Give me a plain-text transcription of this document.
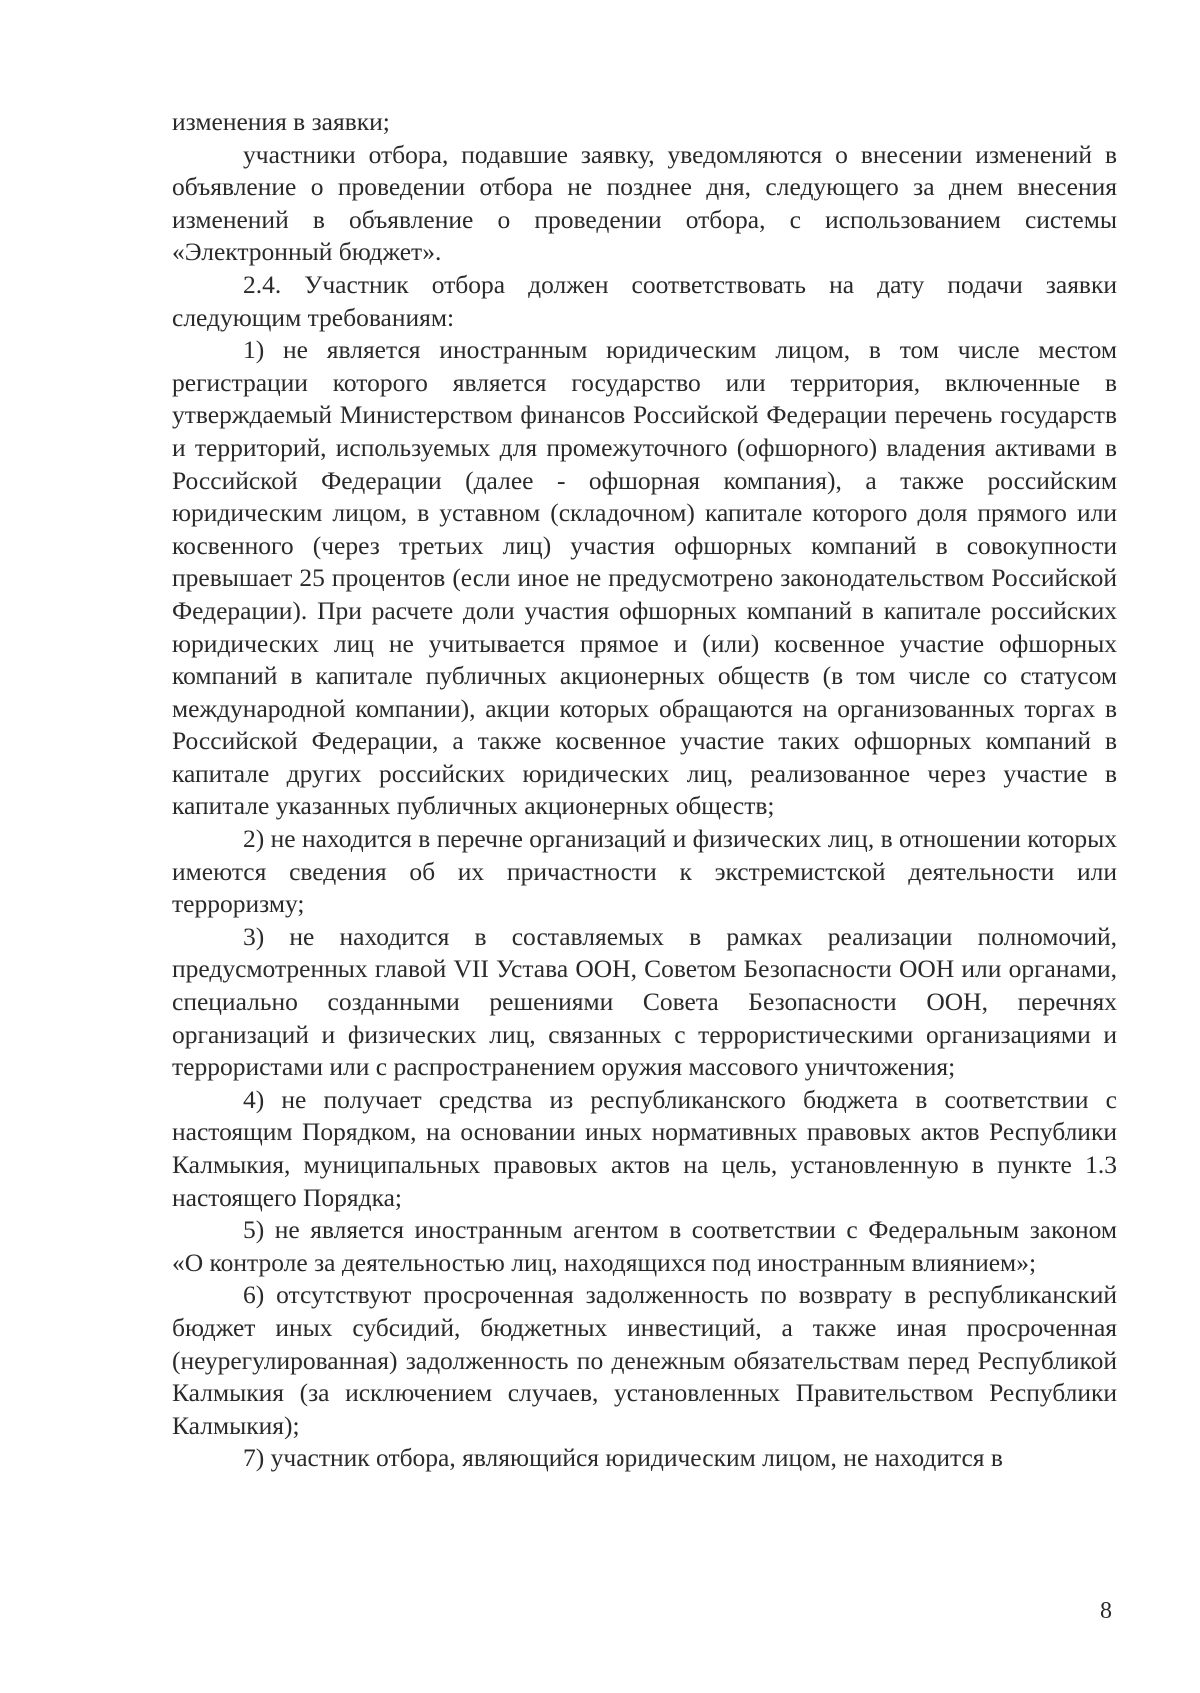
изменения в заявки;

участники отбора, подавшие заявку, уведомляются о внесении изменений в объявление о проведении отбора не позднее дня, следующего за днем внесения изменений в объявление о проведении отбора, с использованием системы «Электронный бюджет».

2.4. Участник отбора должен соответствовать на дату подачи заявки следующим требованиям:

1) не является иностранным юридическим лицом, в том числе местом регистрации которого является государство или территория, включенные в утверждаемый Министерством финансов Российской Федерации перечень государств и территорий, используемых для промежуточного (офшорного) владения активами в Российской Федерации (далее - офшорная компания), а также российским юридическим лицом, в уставном (складочном) капитале которого доля прямого или косвенного (через третьих лиц) участия офшорных компаний в совокупности превышает 25 процентов (если иное не предусмотрено законодательством Российской Федерации). При расчете доли участия офшорных компаний в капитале российских юридических лиц не учитывается прямое и (или) косвенное участие офшорных компаний в капитале публичных акционерных обществ (в том числе со статусом международной компании), акции которых обращаются на организованных торгах в Российской Федерации, а также косвенное участие таких офшорных компаний в капитале других российских юридических лиц, реализованное через участие в капитале указанных публичных акционерных обществ;

2) не находится в перечне организаций и физических лиц, в отношении которых имеются сведения об их причастности к экстремистской деятельности или терроризму;

3) не находится в составляемых в рамках реализации полномочий, предусмотренных главой VII Устава ООН, Советом Безопасности ООН или органами, специально созданными решениями Совета Безопасности ООН, перечнях организаций и физических лиц, связанных с террористическими организациями и террористами или с распространением оружия массового уничтожения;

4) не получает средства из республиканского бюджета в соответствии с настоящим Порядком, на основании иных нормативных правовых актов Республики Калмыкия, муниципальных правовых актов на цель, установленную в пункте 1.3 настоящего Порядка;

5) не является иностранным агентом в соответствии с Федеральным законом «О контроле за деятельностью лиц, находящихся под иностранным влиянием»;

6) отсутствуют просроченная задолженность по возврату в республиканский бюджет иных субсидий, бюджетных инвестиций, а также иная просроченная (неурегулированная) задолженность по денежным обязательствам перед Республикой Калмыкия (за исключением случаев, установленных Правительством Республики Калмыкия);

7) участник отбора, являющийся юридическим лицом, не находится в

8
